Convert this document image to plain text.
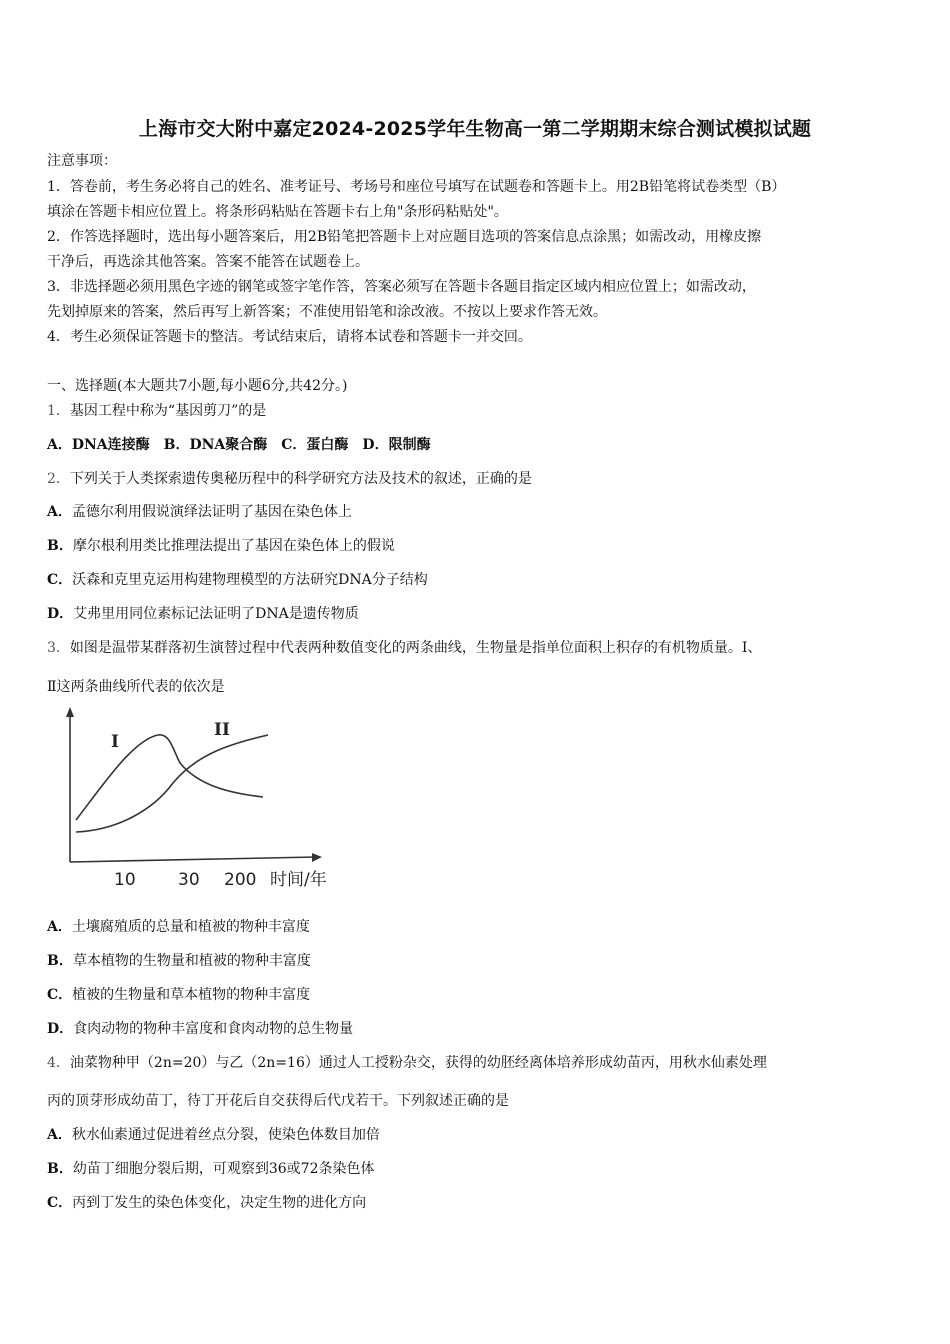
上海市交大附中嘉定2024-2025学年生物高一第二学期期末综合测试模拟试题
注意事项：
1．答卷前，考生务必将自己的姓名、准考证号、考场号和座位号填写在试题卷和答题卡上。用2B铅笔将试卷类型（B）
填涂在答题卡相应位置上。将条形码粘贴在答题卡右上角"条形码粘贴处"。
2．作答选择题时，选出每小题答案后，用2B铅笔把答题卡上对应题目选项的答案信息点涂黑；如需改动，用橡皮擦
干净后，再选涂其他答案。答案不能答在试题卷上。
3．非选择题必须用黑色字迹的钢笔或签字笔作答，答案必须写在答题卡各题目指定区域内相应位置上；如需改动，
先划掉原来的答案，然后再写上新答案；不准使用铅笔和涂改液。不按以上要求作答无效。
4．考生必须保证答题卡的整洁。考试结束后，请将本试卷和答题卡一并交回。
一、选择题(本大题共7小题,每小题6分,共42分。)
1．基因工程中称为“基因剪刀”的是
A．DNA连接酶　B．DNA聚合酶　C．蛋白酶　D．限制酶
2．下列关于人类探索遗传奥秘历程中的科学研究方法及技术的叙述，正确的是
A．孟德尔利用假说演绎法证明了基因在染色体上
B．摩尔根利用类比推理法提出了基因在染色体上的假说
C．沃森和克里克运用构建物理模型的方法研究DNA分子结构
D．艾弗里用同位素标记法证明了DNA是遗传物质
3．如图是温带某群落初生演替过程中代表两种数值变化的两条曲线，生物量是指单位面积上积存的有机物质量。Ⅰ、
Ⅱ这两条曲线所代表的依次是
I
II
10 30 200 时间/年
A．土壤腐殖质的总量和植被的物种丰富度
B．草本植物的生物量和植被的物种丰富度
C．植被的生物量和草本植物的物种丰富度
D．食肉动物的物种丰富度和食肉动物的总生物量
4．油菜物种甲（2n=20）与乙（2n=16）通过人工授粉杂交，获得的幼胚经离体培养形成幼苗丙，用秋水仙素处理
丙的顶芽形成幼苗丁，待丁开花后自交获得后代戊若干。下列叙述正确的是
A．秋水仙素通过促进着丝点分裂，使染色体数目加倍
B．幼苗丁细胞分裂后期，可观察到36或72条染色体
C．丙到丁发生的染色体变化，决定生物的进化方向
